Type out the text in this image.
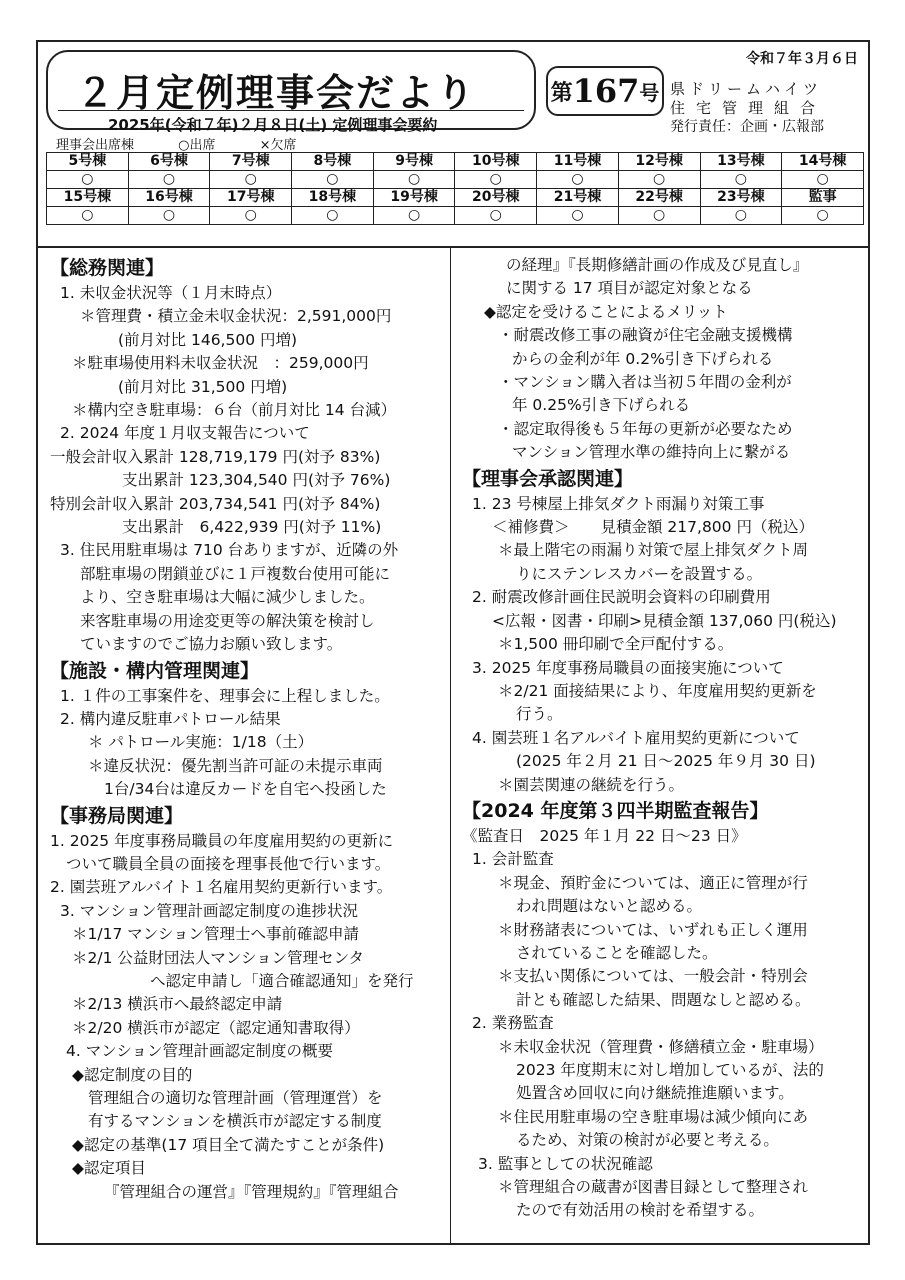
２月定例理事会だより
2025年(令和７年)２月８日(土) 定例理事会要約
第 167 号
令和７年３月６日
県ドリームハイツ
住宅管理組合
発行責任：企画・広報部
理事会出席棟	○出席	×欠席
5号棟	6号棟	7号棟	8号棟	9号棟	10号棟	11号棟	12号棟	13号棟	14号棟
○	○	○	○	○	○	○	○	○	○
15号棟	16号棟	17号棟	18号棟	19号棟	20号棟	21号棟	22号棟	23号棟	監事
○	○	○	○	○	○	○	○	○	○

【総務関連】

1. 未収金状況等（１月末時点）

＊管理費・積立金未収金状況：2,591,000円

(前月対比 146,500 円増)

＊駐車場使用料未収金状況　：259,000円

(前月対比 31,500 円増)

＊構内空き駐車場：６台（前月対比 14 台減）

2. 2024 年度１月収支報告について

一般会計収入累計 128,719,179 円(対予 83%)

支出累計 123,304,540 円(対予 76%)

特別会計収入累計 203,734,541 円(対予 84%)

支出累計　6,422,939 円(対予 11%)

3. 住民用駐車場は 710 台ありますが、近隣の外

部駐車場の閉鎖並びに１戸複数台使用可能に

より、空き駐車場は大幅に減少しました。

来客駐車場の用途変更等の解決策を検討し

ていますのでご協力お願い致します。

【施設・構内管理関連】

1. １件の工事案件を、理事会に上程しました。

2. 構内違反駐車パトロール結果

＊ パトロール実施：1/18（土）

＊違反状況：優先割当許可証の未提示車両

1台/34台は違反カードを自宅へ投函した

【事務局関連】

1. 2025 年度事務局職員の年度雇用契約の更新に

ついて職員全員の面接を理事長他で行います。

2. 園芸班アルバイト１名雇用契約更新行います。

3. マンション管理計画認定制度の進捗状況

＊1/17 マンション管理士へ事前確認申請

＊2/1 公益財団法人マンション管理センタ

へ認定申請し「適合確認通知」を発行

＊2/13 横浜市へ最終認定申請

＊2/20 横浜市が認定（認定通知書取得）

4. マンション管理計画認定制度の概要

◆認定制度の目的

管理組合の適切な管理計画（管理運営）を

有するマンションを横浜市が認定する制度

◆認定の基準(17 項目全て満たすことが条件)

◆認定項目

『管理組合の運営』『管理規約』『管理組合

の経理』『長期修繕計画の作成及び見直し』

に関する 17 項目が認定対象となる

◆認定を受けることによるメリット

・耐震改修工事の融資が住宅金融支援機構

からの金利が年 0.2%引き下げられる

・マンション購入者は当初５年間の金利が

年 0.25%引き下げられる

・認定取得後も５年毎の更新が必要なため

マンション管理水準の維持向上に繋がる

【理事会承認関連】

1. 23 号棟屋上排気ダクト雨漏り対策工事

＜補修費＞　　見積金額 217,800 円（税込）

＊最上階宅の雨漏り対策で屋上排気ダクト周

りにステンレスカバーを設置する。

2. 耐震改修計画住民説明会資料の印刷費用

<広報・図書・印刷>見積金額 137,060 円(税込)

＊1,500 冊印刷で全戸配付する。

3. 2025 年度事務局職員の面接実施について

＊2/21 面接結果により、年度雇用契約更新を

行う。

4. 園芸班１名アルバイト雇用契約更新について

(2025 年２月 21 日～2025 年９月 30 日)

＊園芸関連の継続を行う。

【2024 年度第３四半期監査報告】

《監査日　2025 年１月 22 日～23 日》

1. 会計監査

＊現金、預貯金については、適正に管理が行

われ問題はないと認める。

＊財務諸表については、いずれも正しく運用

されていることを確認した。

＊支払い関係については、一般会計・特別会

計とも確認した結果、問題なしと認める。

2. 業務監査

＊未収金状況（管理費・修繕積立金・駐車場）

2023 年度期末に対し増加しているが、法的

処置含め回収に向け継続推進願います。

＊住民用駐車場の空き駐車場は減少傾向にあ

るため、対策の検討が必要と考える。

3. 監事としての状況確認

＊管理組合の蔵書が図書目録として整理され

たので有効活用の検討を希望する。
